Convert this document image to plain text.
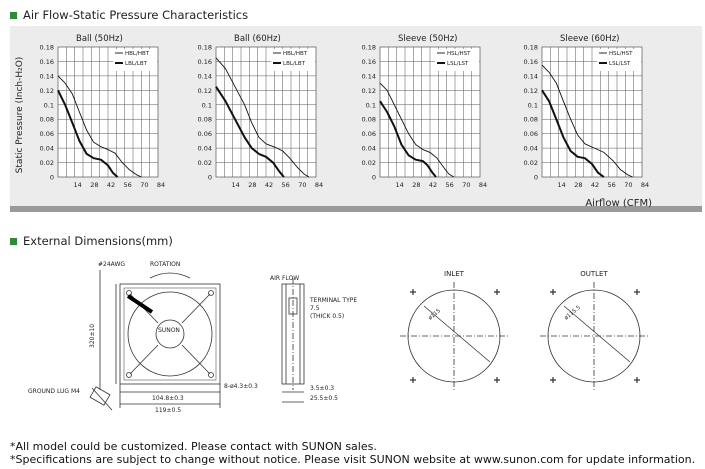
Air Flow-Static Pressure Characteristics
Static Pressure (Inch-H₂O)
Airflow (CFM)
0.18
0.16
0.14
0.12
0.1
0.08
0.06
0.04
0.02
0
14 28 42 56 70 84
Ball (50Hz)
HBL/HBT
LBL/LBT
0.18
0.16
0.14
0.12
0.1
0.08
0.06
0.04
0.02
0
14 28 42 56 70 84
Ball (60Hz)
HBL/HBT
LBL/LBT
0.18
0.16
0.14
0.12
0.1
0.08
0.06
0.04
0.02
0
14 28 42 56 70 84
Sleeve (50Hz)
HSL/HST
LSL/LST
0.18
0.16
0.14
0.12
0.1
0.08
0.06
0.04
0.02
0
14 28 42 56 70 84
Sleeve (60Hz)
HSL/HST
LSL/LST
External Dimensions(mm)
#24AWG	ROTATION
SUNON
320±10
8-ø4.3±0.3
GROUND LUG M4
104.8±0.3
119±0.5
AIR FLOW
TERMINAL TYPE
7.5
(THICK 0.5)
3.5±0.3
25.5±0.5
INLET
ø115
OUTLET
ø115.5
*All model could be customized. Please contact with SUNON sales.
*Specifications are subject to change without notice. Please visit SUNON website at www.sunon.com for update information.
